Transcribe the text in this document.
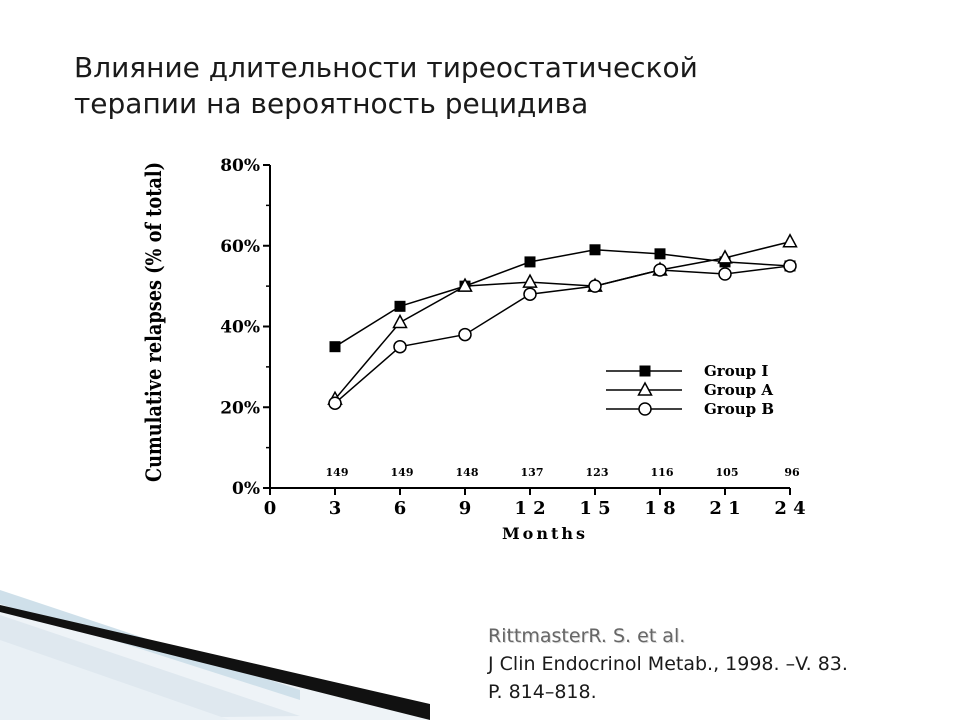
Влияние длительности тиреостатической
терапии на вероятность рецидива
0%
20%
40%
60%
80%
0	3	6	9 1 2 1 5 1 8 2 1 2 4
149	149	148	137	123	116	105	96
Group I
Group A
Group B
Cumulative relapses (% of total)
Months
RittmasterR. S. et al.
J Clin Endocrinol Metab., 1998. –V. 83.
P. 814–818.
